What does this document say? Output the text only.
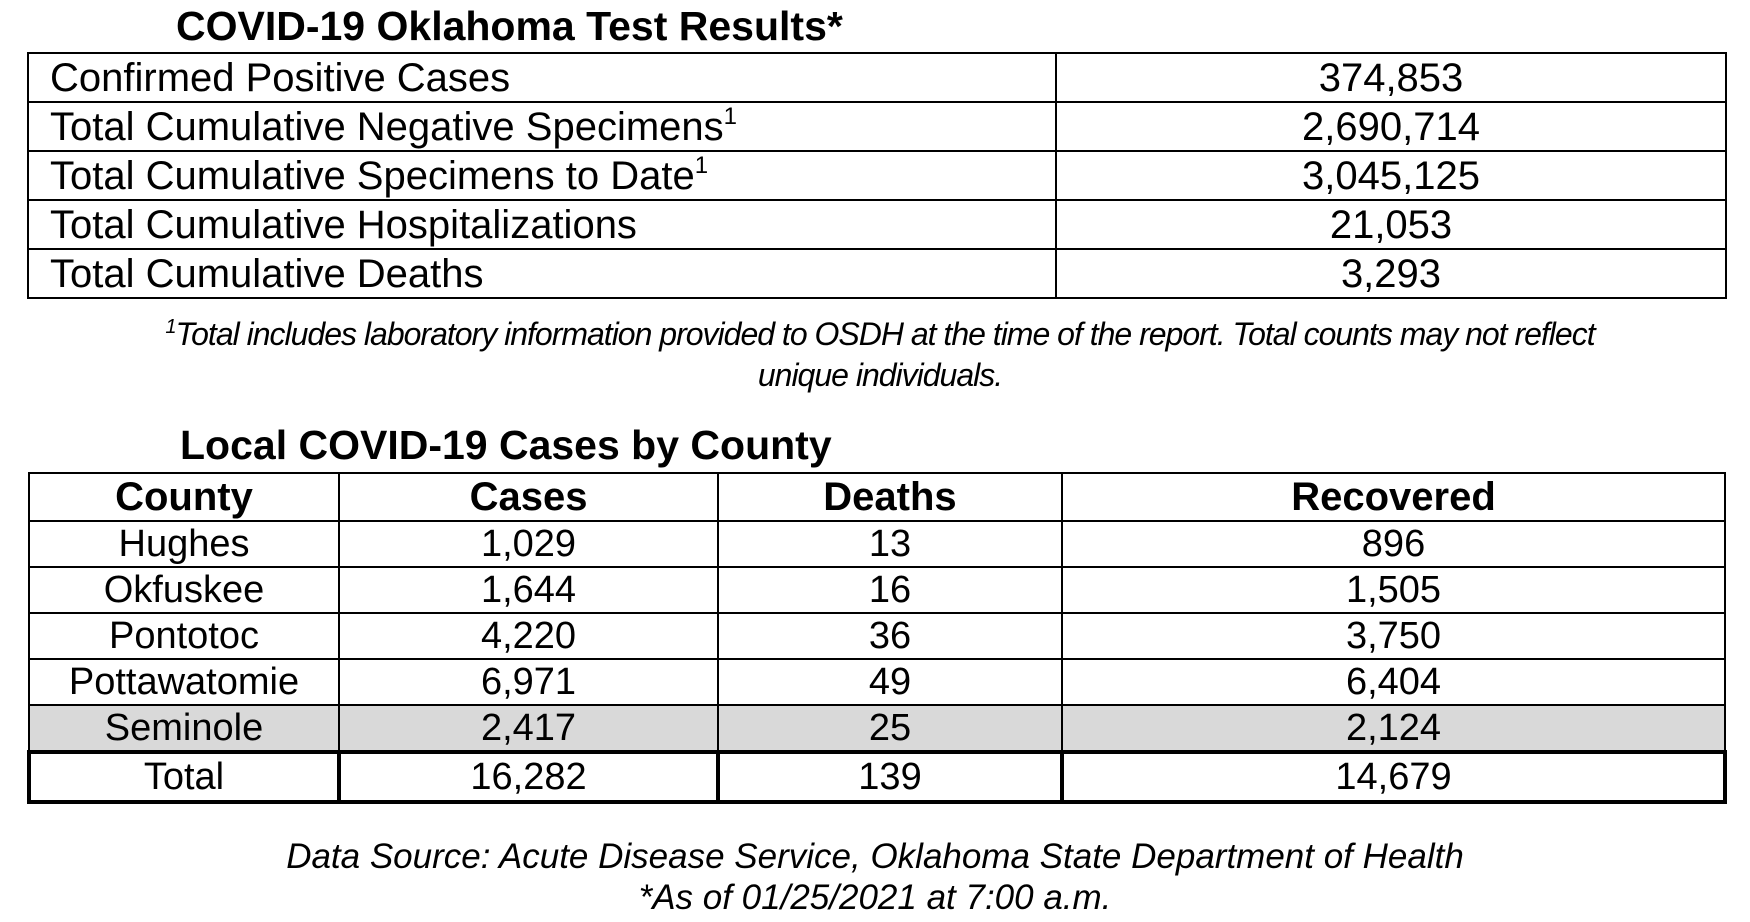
COVID-19 Oklahoma Test Results*
Confirmed Positive Cases	374,853
Total Cumulative Negative Specimens$^1$	2,690,714
Total Cumulative Specimens to Date$^1$	3,045,125
Total Cumulative Hospitalizations	21,053
Total Cumulative Deaths	3,293
$^1$Total includes laboratory information provided to OSDH at the time of the report. Total counts may not reflect
unique individuals.
Local COVID-19 Cases by County
County	Cases	Deaths	Recovered
Hughes	1,029	13	896
Okfuskee	1,644	16	1,505
Pontotoc	4,220	36	3,750
Pottawatomie	6,971	49	6,404
Seminole	2,417	25	2,124
Total	16,282	139	14,679
Data Source: Acute Disease Service, Oklahoma State Department of Health
*As of 01/25/2021 at 7:00 a.m.
